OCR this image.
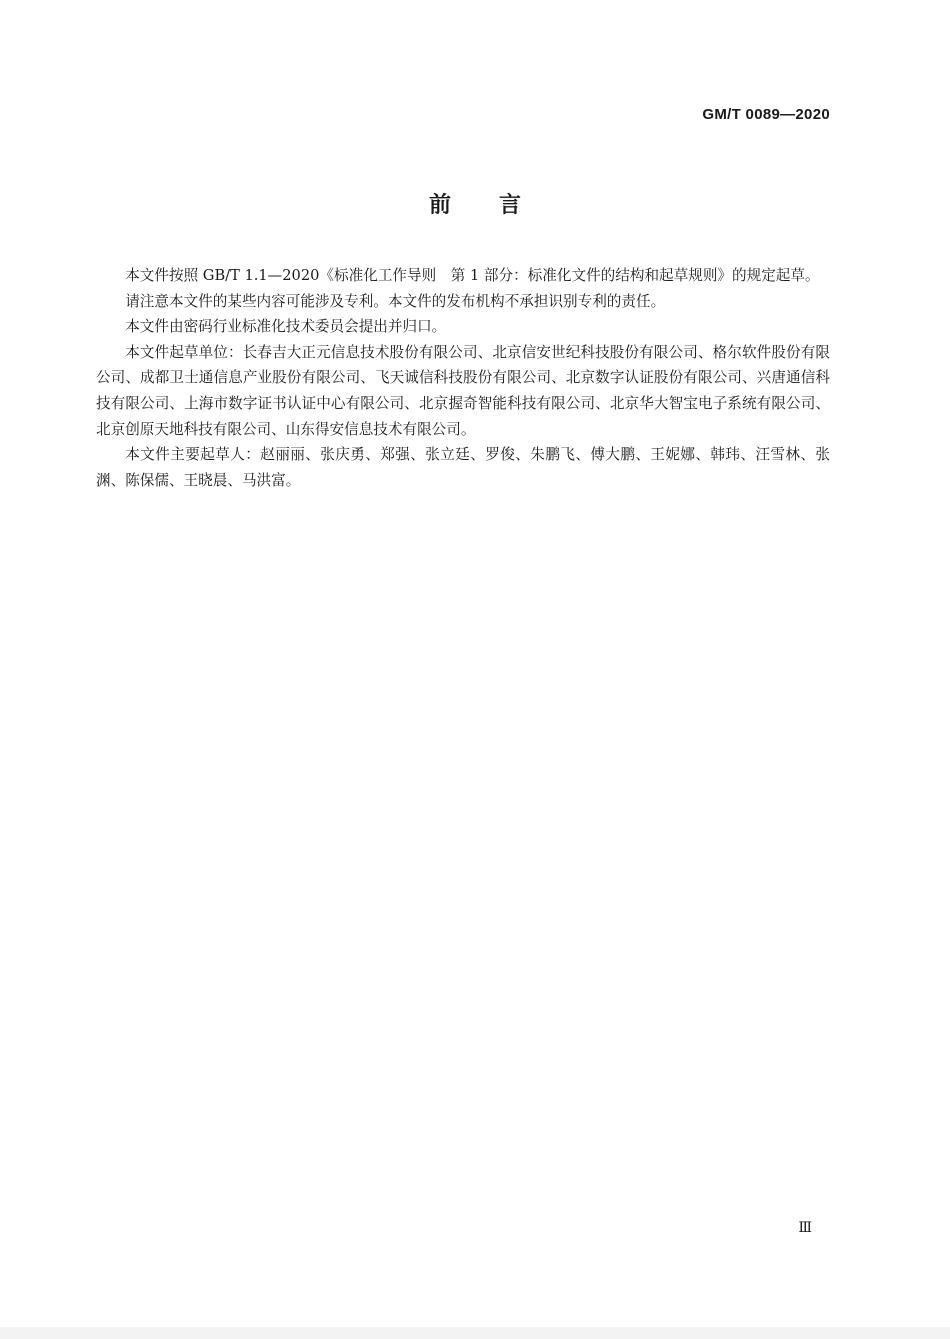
GM/T 0089—2020
前言

本文件按照 GB/T 1.1—2020《标准化工作导则　第 1 部分：标准化文件的结构和起草规则》的规定起草。

请注意本文件的某些内容可能涉及专利。本文件的发布机构不承担识别专利的责任。

本文件由密码行业标准化技术委员会提出并归口。

本文件起草单位：长春吉大正元信息技术股份有限公司、北京信安世纪科技股份有限公司、格尔软件股份有限公司、成都卫士通信息产业股份有限公司、飞天诚信科技股份有限公司、北京数字认证股份有限公司、兴唐通信科技有限公司、上海市数字证书认证中心有限公司、北京握奇智能科技有限公司、北京华大智宝电子系统有限公司、北京创原天地科技有限公司、山东得安信息技术有限公司。

本文件主要起草人：赵丽丽、张庆勇、郑强、张立廷、罗俊、朱鹏飞、傅大鹏、王妮娜、韩玮、汪雪林、张渊、陈保儒、王晓晨、马洪富。

Ⅲ
